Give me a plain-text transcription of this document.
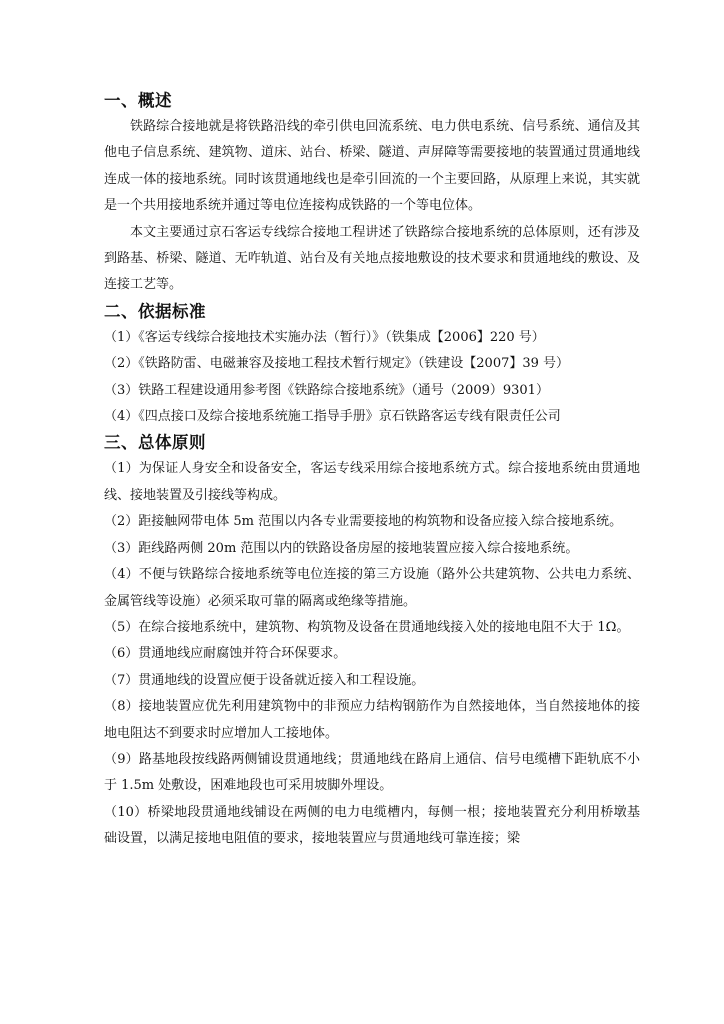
一、概述

铁路综合接地就是将铁路沿线的牵引供电回流系统、电力供电系统、信号系统、通信及其他电子信息系统、建筑物、道床、站台、桥梁、隧道、声屏障等需要接地的装置通过贯通地线连成一体的接地系统。同时该贯通地线也是牵引回流的一个主要回路，从原理上来说，其实就是一个共用接地系统并通过等电位连接构成铁路的一个等电位体。

本文主要通过京石客运专线综合接地工程讲述了铁路综合接地系统的总体原则，还有涉及到路基、桥梁、隧道、无咋轨道、站台及有关地点接地敷设的技术要求和贯通地线的敷设、及连接工艺等。

二、依据标准

（1）《客运专线综合接地技术实施办法（暂行）》（铁集成【2006】220 号）

（2）《铁路防雷、电磁兼容及接地工程技术暂行规定》（铁建设【2007】39 号）

（3）铁路工程建设通用参考图《铁路综合接地系统》（通号（2009）9301）

（4）《四点接口及综合接地系统施工指导手册》京石铁路客运专线有限责任公司

三、总体原则

（1）为保证人身安全和设备安全，客运专线采用综合接地系统方式。综合接地系统由贯通地线、接地装置及引接线等构成。

（2）距接触网带电体 5m 范围以内各专业需要接地的构筑物和设备应接入综合接地系统。

（3）距线路两侧 20m 范围以内的铁路设备房屋的接地装置应接入综合接地系统。

（4）不便与铁路综合接地系统等电位连接的第三方设施（路外公共建筑物、公共电力系统、金属管线等设施）必须采取可靠的隔离或绝缘等措施。

（5）在综合接地系统中，建筑物、构筑物及设备在贯通地线接入处的接地电阻不大于 1Ω。

（6）贯通地线应耐腐蚀并符合环保要求。

（7）贯通地线的设置应便于设备就近接入和工程设施。

（8）接地装置应优先利用建筑物中的非预应力结构钢筋作为自然接地体，当自然接地体的接地电阻达不到要求时应增加人工接地体。

（9）路基地段按线路两侧铺设贯通地线；贯通地线在路肩上通信、信号电缆槽下距轨底不小于 1.5m 处敷设，困难地段也可采用坡脚外埋设。

（10）桥梁地段贯通地线铺设在两侧的电力电缆槽内，每侧一根；接地装置充分利用桥墩基础设置，以满足接地电阻值的要求，接地装置应与贯通地线可靠连接；梁
